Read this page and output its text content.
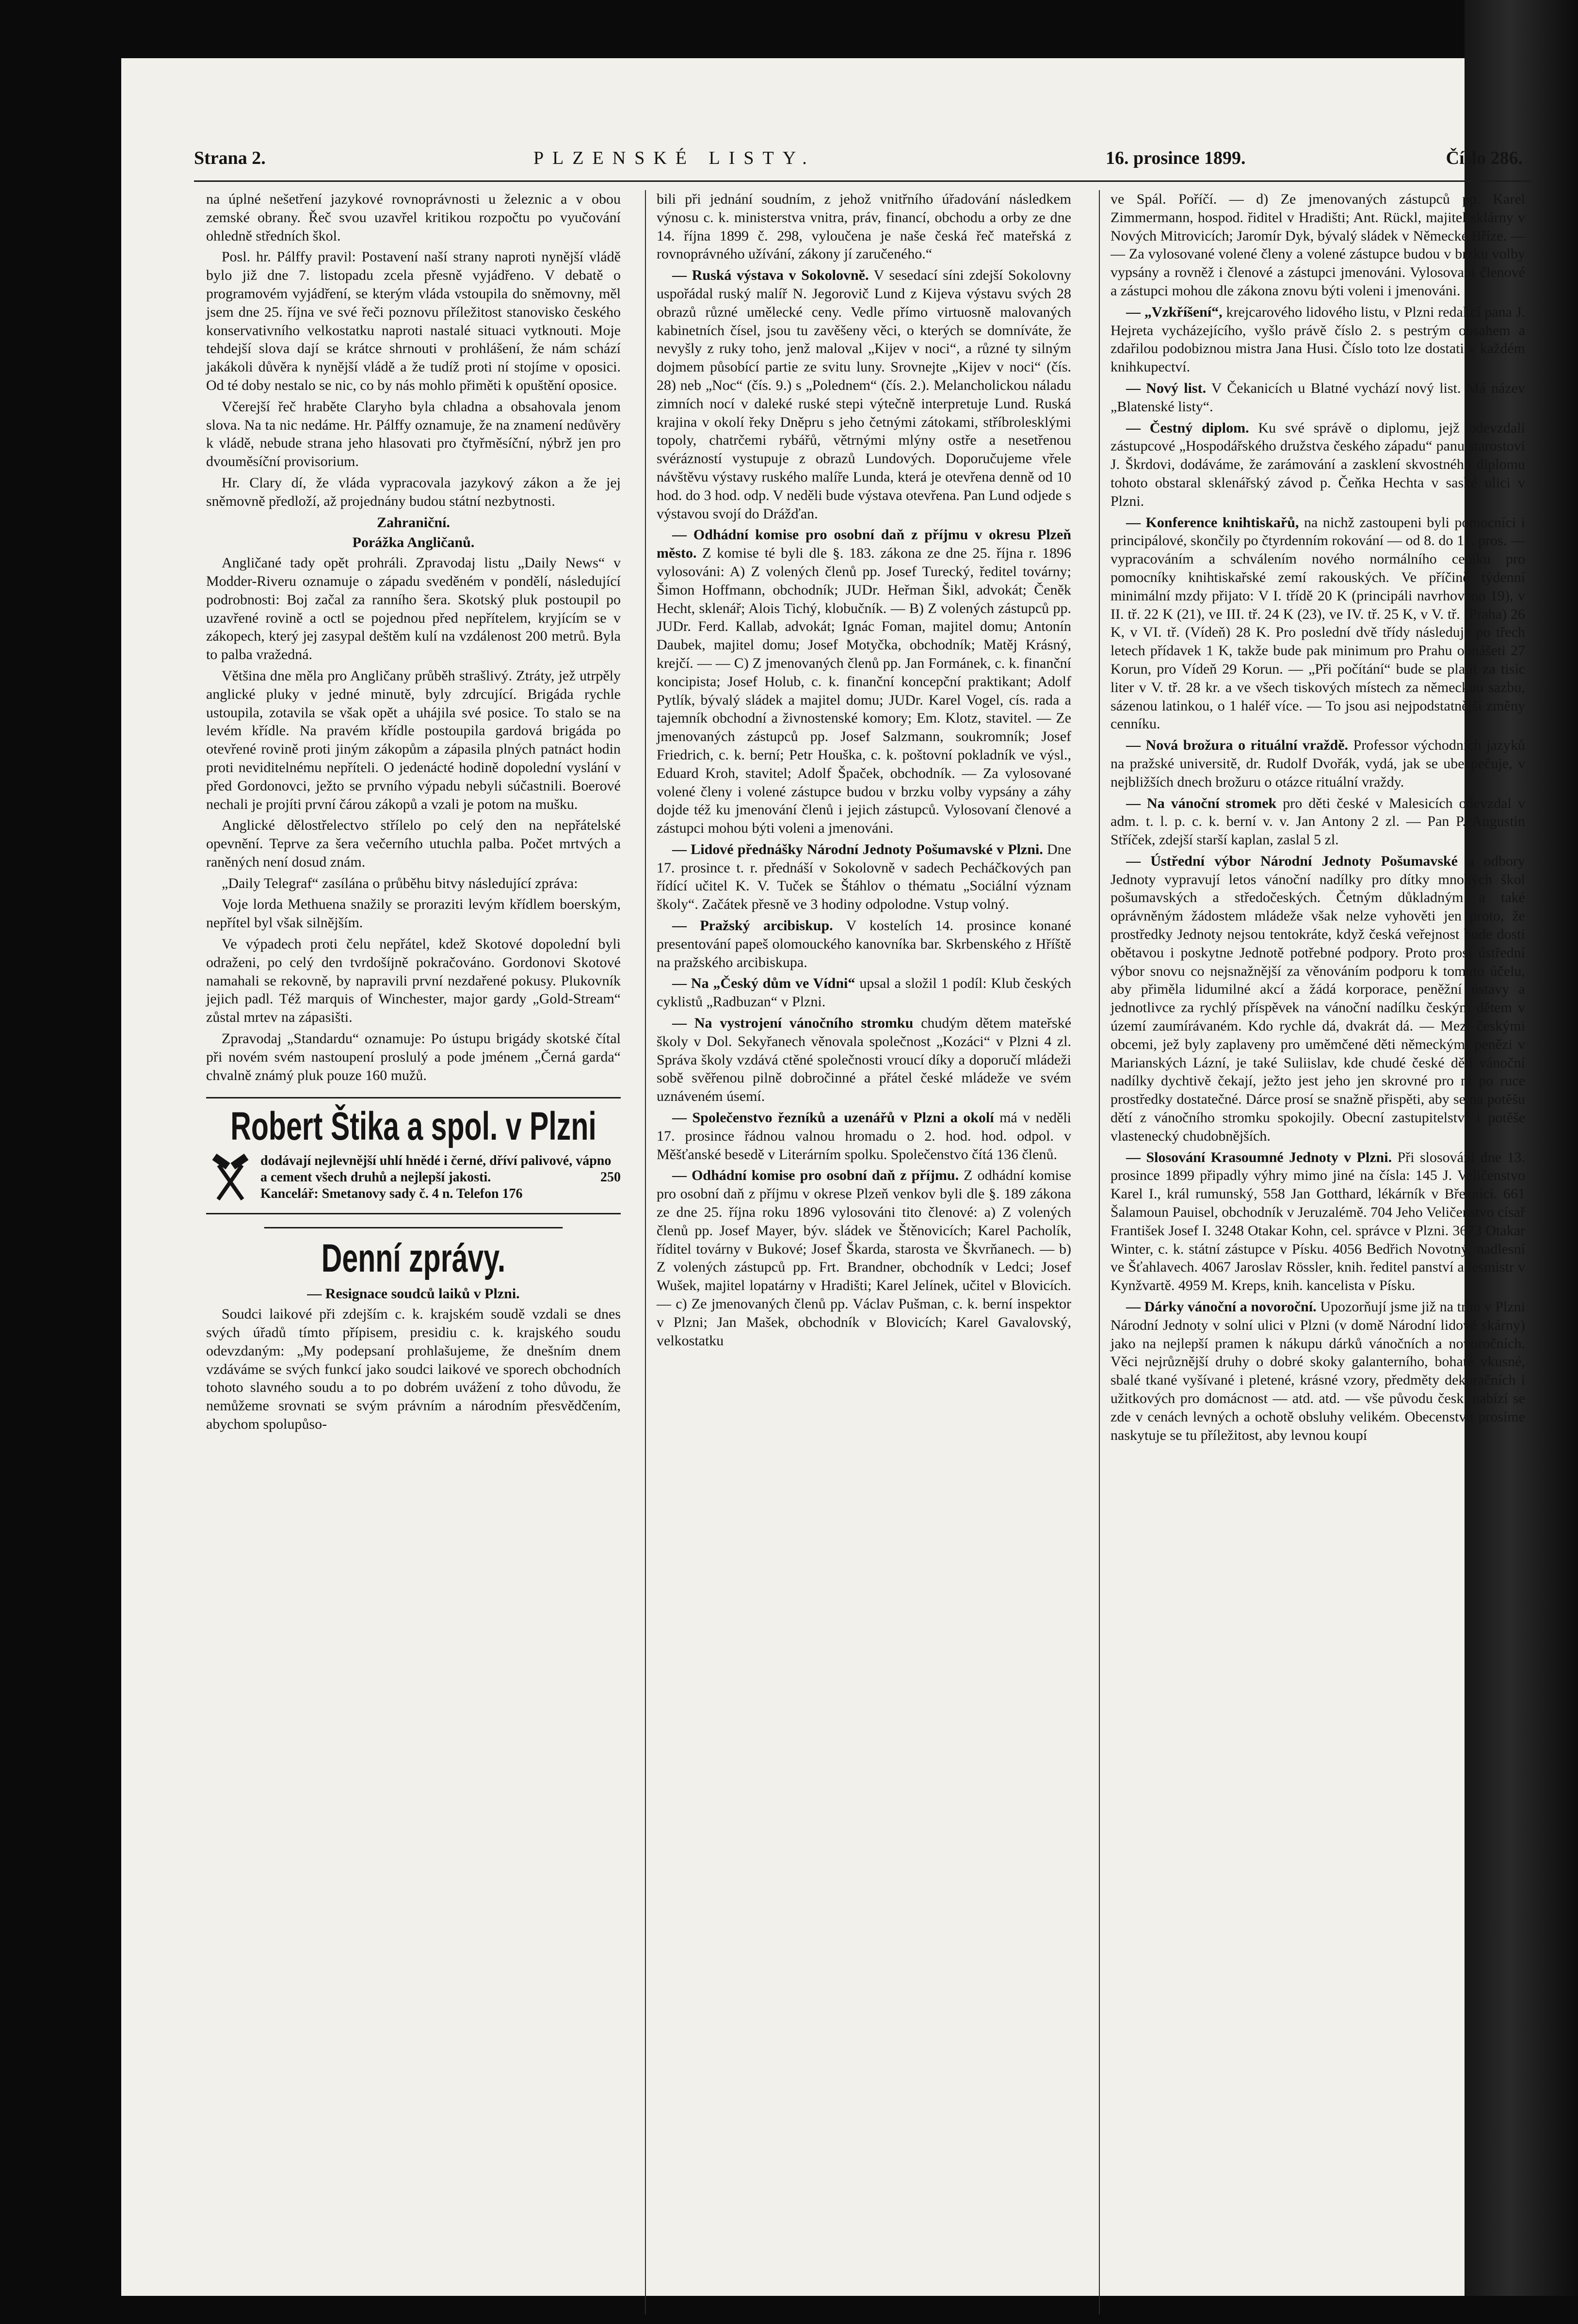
Strana 2.	PLZENSKÉ LISTY.	16. prosince 1899.	Číslo 286.

na úplné nešetření jazykové rovnoprávnosti u železnic a v obou zemské obrany. Řeč svou uzavřel kritikou rozpočtu po vyučování ohledně středních škol.

Posl. hr. Pálffy pravil: Postavení naší strany naproti nynější vládě bylo již dne 7. listopadu zcela přesně vyjádřeno. V debatě o programovém vyjádření, se kterým vláda vstoupila do sněmovny, měl jsem dne 25. října ve své řeči poznovu příležitost stanovisko českého konservativního velkostatku naproti nastalé situaci vytknouti. Moje tehdejší slova dají se krátce shrnouti v prohlášení, že nám schází jakákoli důvěra k nynější vládě a že tudíž proti ní stojíme v oposici. Od té doby nestalo se nic, co by nás mohlo přiměti k opuštění oposice.

Včerejší řeč hraběte Claryho byla chladna a obsahovala jenom slova. Na ta nic nedáme. Hr. Pálffy oznamuje, že na znamení nedůvěry k vládě, nebude strana jeho hlasovati pro čtyřměsíční, nýbrž jen pro dvouměsíční provisorium.

Hr. Clary dí, že vláda vypracovala jazykový zákon a že jej sněmovně předloží, až projednány budou státní nezbytnosti.

Zahraniční.

Porážka Angličanů.

Angličané tady opět prohráli. Zpravodaj listu „Daily News“ v Modder-Riveru oznamuje o západu sveděném v pondělí, následující podrobnosti: Boj začal za ranního šera. Skotský pluk postoupil po uzavřené rovině a octl se pojednou před nepřítelem, kryjícím se v zákopech, který jej zasypal deštěm kulí na vzdálenost 200 metrů. Byla to palba vražedná.

Většina dne měla pro Angličany průběh strašlivý. Ztráty, jež utrpěly anglické pluky v jedné minutě, byly zdrcující. Brigáda rychle ustoupila, zotavila se však opět a uhájila své posice. To stalo se na levém křídle. Na pravém křídle postoupila gardová brigáda po otevřené rovině proti jiným zákopům a zápasila plných patnáct hodin proti neviditelnému nepříteli. O jedenácté hodině dopolední vyslání v před Gordonovci, ježto se prvního výpadu nebyli súčastnili. Boerové nechali je projíti první čárou zákopů a vzali je potom na mušku.

Anglické dělostřelectvo střílelo po celý den na nepřátelské opevnění. Teprve za šera večerního utuchla palba. Počet mrtvých a raněných není dosud znám.

„Daily Telegraf“ zasílána o průběhu bitvy následující zpráva:

Voje lorda Methuena snažily se proraziti levým křídlem boerským, nepřítel byl však silnějším.

Ve výpadech proti čelu nepřátel, kdež Skotové dopolední byli odraženi, po celý den tvrdošíjně pokračováno. Gordonovi Skotové namahali se rekovně, by napravili první nezdařené pokusy. Plukovník jejich padl. Též marquis of Winchester, major gardy „Gold-Stream“ zůstal mrtev na zápasišti.

Zpravodaj „Standardu“ oznamuje: Po ústupu brigády skotské čítal při novém svém nastoupení proslulý a pode jménem „Černá garda“ chvalně známý pluk pouze 160 mužů.

Robert Štika a spol. v Plzni
dodávají nejlevnější uhlí hnědé i černé, dříví palivové, vápno a cement všech druhů a nejlepší jakosti.	250

Kancelář: Smetanovy sady č. 4 n. Telefon 176
Denní zprávy.

— Resignace soudců laiků v Plzni.

Soudci laikové při zdejším c. k. krajském soudě vzdali se dnes svých úřadů tímto přípisem, presidiu c. k. krajského soudu odevzdaným: „My podepsaní prohlašujeme, že dnešním dnem vzdáváme se svých funkcí jako soudci laikové ve sporech obchodních tohoto slavného soudu a to po dobrém uvážení z toho důvodu, že nemůžeme srovnati se svým právním a národním přesvědčením, abychom spolupůso-

bili při jednání soudním, z jehož vnitřního úřadování následkem výnosu c. k. ministerstva vnitra, práv, financí, obchodu a orby ze dne 14. října 1899 č. 298, vyloučena je naše česká řeč mateřská z rovnoprávného užívání, zákony jí zaručeného.“

— Ruská výstava v Sokolovně. V sesedací síni zdejší Sokolovny uspořádal ruský malíř N. Jegorovič Lund z Kijeva výstavu svých 28 obrazů různé umělecké ceny. Vedle přímo virtuosně malovaných kabinetních čísel, jsou tu zavěšeny věci, o kterých se domníváte, že nevyšly z ruky toho, jenž maloval „Kijev v noci“, a různé ty silným dojmem působící partie ze svitu luny. Srovnejte „Kijev v noci“ (čís. 28) neb „Noc“ (čís. 9.) s „Polednem“ (čís. 2.). Melancholickou náladu zimních nocí v daleké ruské stepi výtečně interpretuje Lund. Ruská krajina v okolí řeky Dněpru s jeho četnými zátokami, stříbrolesklými topoly, chatrčemi rybářů, větrnými mlýny ostře a nesetřenou svérázností vystupuje z obrazů Lundových. Doporučujeme vřele návštěvu výstavy ruského malíře Lunda, která je otevřena denně od 10 hod. do 3 hod. odp. V neděli bude výstava otevřena. Pan Lund odjede s výstavou svojí do Drážďan.

— Odhádní komise pro osobní daň z příjmu v okresu Plzeň město. Z komise té byli dle §. 183. zákona ze dne 25. října r. 1896 vylosováni: A) Z volených členů pp. Josef Turecký, ředitel továrny; Šimon Hoffmann, obchodník; JUDr. Heřman Šikl, advokát; Čeněk Hecht, sklenář; Alois Tichý, klobučník. — B) Z volených zástupců pp. JUDr. Ferd. Kallab, advokát; Ignác Foman, majitel domu; Antonín Daubek, majitel domu; Josef Motyčka, obchodník; Matěj Krásný, krejčí. — — C) Z jmenovaných členů pp. Jan Formánek, c. k. finanční koncipista; Josef Holub, c. k. finanční koncepční praktikant; Adolf Pytlík, bývalý sládek a majitel domu; JUDr. Karel Vogel, cís. rada a tajemník obchodní a živnostenské komory; Em. Klotz, stavitel. — Ze jmenovaných zástupců pp. Josef Salzmann, soukromník; Josef Friedrich, c. k. berní; Petr Houška, c. k. poštovní pokladník ve výsl., Eduard Kroh, stavitel; Adolf Špaček, obchodník. — Za vylosované volené členy i volené zástupce budou v brzku volby vypsány a záhy dojde též ku jmenování členů i jejich zástupců. Vylosovaní členové a zástupci mohou býti voleni a jmenováni.

— Lidové přednášky Národní Jednoty Pošumavské v Plzni. Dne 17. prosince t. r. přednáší v Sokolovně v sadech Pecháčkových pan řídící učitel K. V. Tuček se Štáhlov o thématu „Sociální význam školy“. Začátek přesně ve 3 hodiny odpolodne. Vstup volný.

— Pražský arcibiskup. V kostelích 14. prosince konané presentování papeš olomouckého kanovníka bar. Skrbenského z Hříště na pražského arcibiskupa.

— Na „Český dům ve Vídni“ upsal a složil 1 podíl: Klub českých cyklistů „Radbuzan“ v Plzni.

— Na vystrojení vánočního stromku chudým dětem mateřské školy v Dol. Sekyřanech věnovala společnost „Kozáci“ v Plzni 4 zl. Správa školy vzdává ctěné společnosti vroucí díky a doporučí mládeži sobě svěřenou pilně dobročinné a přátel české mládeže ve svém uznáveném úsemí.

— Společenstvo řezníků a uzenářů v Plzni a okolí má v neděli 17. prosince řádnou valnou hromadu o 2. hod. hod. odpol. v Měšťanské besedě v Literárním spolku. Společenstvo čítá 136 členů.

— Odhádní komise pro osobní daň z příjmu. Z odhádní komise pro osobní daň z příjmu v okrese Plzeň venkov byli dle §. 189 zákona ze dne 25. října roku 1896 vylosováni tito členové: a) Z volených členů pp. Josef Mayer, býv. sládek ve Štěnovicích; Karel Pacholík, říditel továrny v Bukové; Josef Škarda, starosta ve Škvrňanech. — b) Z volených zástupců pp. Frt. Brandner, obchodník v Ledci; Josef Wušek, majitel lopatárny v Hradišti; Karel Jelínek, učitel v Blovicích. — c) Ze jmenovaných členů pp. Václav Pušman, c. k. berní inspektor v Plzni; Jan Mašek, obchodník v Blovicích; Karel Gavalovský, velkostatku

ve Spál. Poříčí. — d) Ze jmenovaných zástupců pp. Karel Zimmermann, hospod. řiditel v Hradišti; Ant. Rückl, majitel sklárny v Nových Mitrovicích; Jaromír Dyk, bývalý sládek v Německé Bříze. — — Za vylosované volené členy a volené zástupce budou v brzku volby vypsány a rovněž i členové a zástupci jmenováni. Vylosovaní členové a zástupci mohou dle zákona znovu býti voleni i jmenováni.

— „Vzkříšení“, krejcarového lidového listu, v Plzni redakcí pana J. Hejreta vycházejícího, vyšlo právě číslo 2. s pestrým obsahem a zdařilou podobiznou mistra Jana Husi. Číslo toto lze dostati v každém knihkupectví.

— Nový list. V Čekanicích u Blatné vychází nový list. Má název „Blatenské listy“.

— Čestný diplom. Ku své správě o diplomu, jejž odevzdali zástupcové „Hospodářského družstva českého západu“ panu starostovi J. Škrdovi, dodáváme, že zarámování a zasklení skvostného diplomu tohoto obstaral sklenářský závod p. Čeňka Hechta v saské ulici v Plzni.

— Konference knihtiskařů, na nichž zastoupeni byli pomocníci i principálové, skončily po čtyrdenním rokování — od 8. do 11. pros. — vypracováním a schválením nového normálního ceníku pro pomocníky knihtiskařské zemí rakouských. Ve příčině týdenní minimální mzdy přijato: V I. třídě 20 K (principáli navrhováno 19), v II. tř. 22 K (21), ve III. tř. 24 K (23), ve IV. tř. 25 K, v V. tř. (Praha) 26 K, v VI. tř. (Vídeň) 28 K. Pro poslední dvě třídy následuje po třech letech přídavek 1 K, takže bude pak minimum pro Prahu obnášeti 27 Korun, pro Vídeň 29 Korun. — „Při počítání“ bude se platit za tisíc liter v V. tř. 28 kr. a ve všech tiskových místech za německou sazbu, sázenou latinkou, o 1 haléř více. — To jsou asi nejpodstatnější změny cenníku.

— Nová brožura o rituální vraždě. Professor východních jazyků na pražské universitě, dr. Rudolf Dvořák, vydá, jak se ubezpečuje, v nejbližších dnech brožuru o otázce rituální vraždy.

— Na vánoční stromek pro děti české v Malesicích odevzdal v adm. t. l. p. c. k. berní v. v. Jan Antony 2 zl. — Pan P. Augustin Stříček, zdejší starší kaplan, zaslal 5 zl.

— Ústřední výbor Národní Jednoty Pošumavské a odbory Jednoty vypravují letos vánoční nadílky pro dítky mnohých škol pošumavských a středočeských. Četným důkladným a také oprávněným žádostem mládeže však nelze vyhověti jen proto, že prostředky Jednoty nejsou tentokráte, když česká veřejnost bude dosti obětavou i poskytne Jednotě potřebné podpory. Proto prosí ústřední výbor snovu co nejsnažnější za věnováním podporu k tomuto účelu, aby přiměla lidumilné akcí a žádá korporace, peněžní ústavy a jednotlivce za rychlý příspěvek na vánoční nadílku českým dětem v území zaumírávaném. Kdo rychle dá, dvakrát dá. — Mezi českými obcemi, jež byly zaplaveny pro uměmčené děti německými penězi v Marianských Lázní, je také Suliislav, kde chudé české děti vánoční nadílky dychtivě čekají, ježto jest jeho jen skrovné pro ni po ruce prostředky dostatečné. Dárce prosí se snažně přispěti, aby se na potěšu dětí z vánočního stromku spokojily. Obecní zastupitelství i potěše vlastenecký chudobnějších.

— Slosování Krasoumné Jednoty v Plzni. Při slosování dne 13. prosince 1899 připadly výhry mimo jiné na čísla: 145 J. Veličenstvo Karel I., král rumunský, 558 Jan Gotthard, lékárník v Březnici. 661 Šalamoun Pauisel, obchodník v Jeruzalémě. 704 Jeho Veličenstvo císař František Josef I. 3248 Otakar Kohn, cel. správce v Plzni. 3673 Otakar Winter, c. k. státní zástupce v Písku. 4056 Bedřich Novotný, nadlesní ve Šťahlavech. 4067 Jaroslav Rössler, knih. ředitel panství a lesmistr v Kynžvartě. 4959 M. Kreps, knih. kancelista v Písku.

— Dárky vánoční a novoroční. Upozorňují jsme již na trhu v Plzni Národní Jednoty v solní ulici v Plzni (v domě Národní lidové skárny) jako na nejlepší pramen k nákupu dárků vánočních a novoročních. Věci nejrůznější druhy o dobré skoky galanterního, bohaté vkusné, sbalé tkané vyšívané i pletené, krásné vzory, předměty dekoračních i užitkových pro domácnost — atd. atd. — vše původu česk. nabízí se zde v cenách levných a ochotě obsluhy velikém. Obecenstvu prosíme naskytuje se tu příležitost, aby levnou koupí
